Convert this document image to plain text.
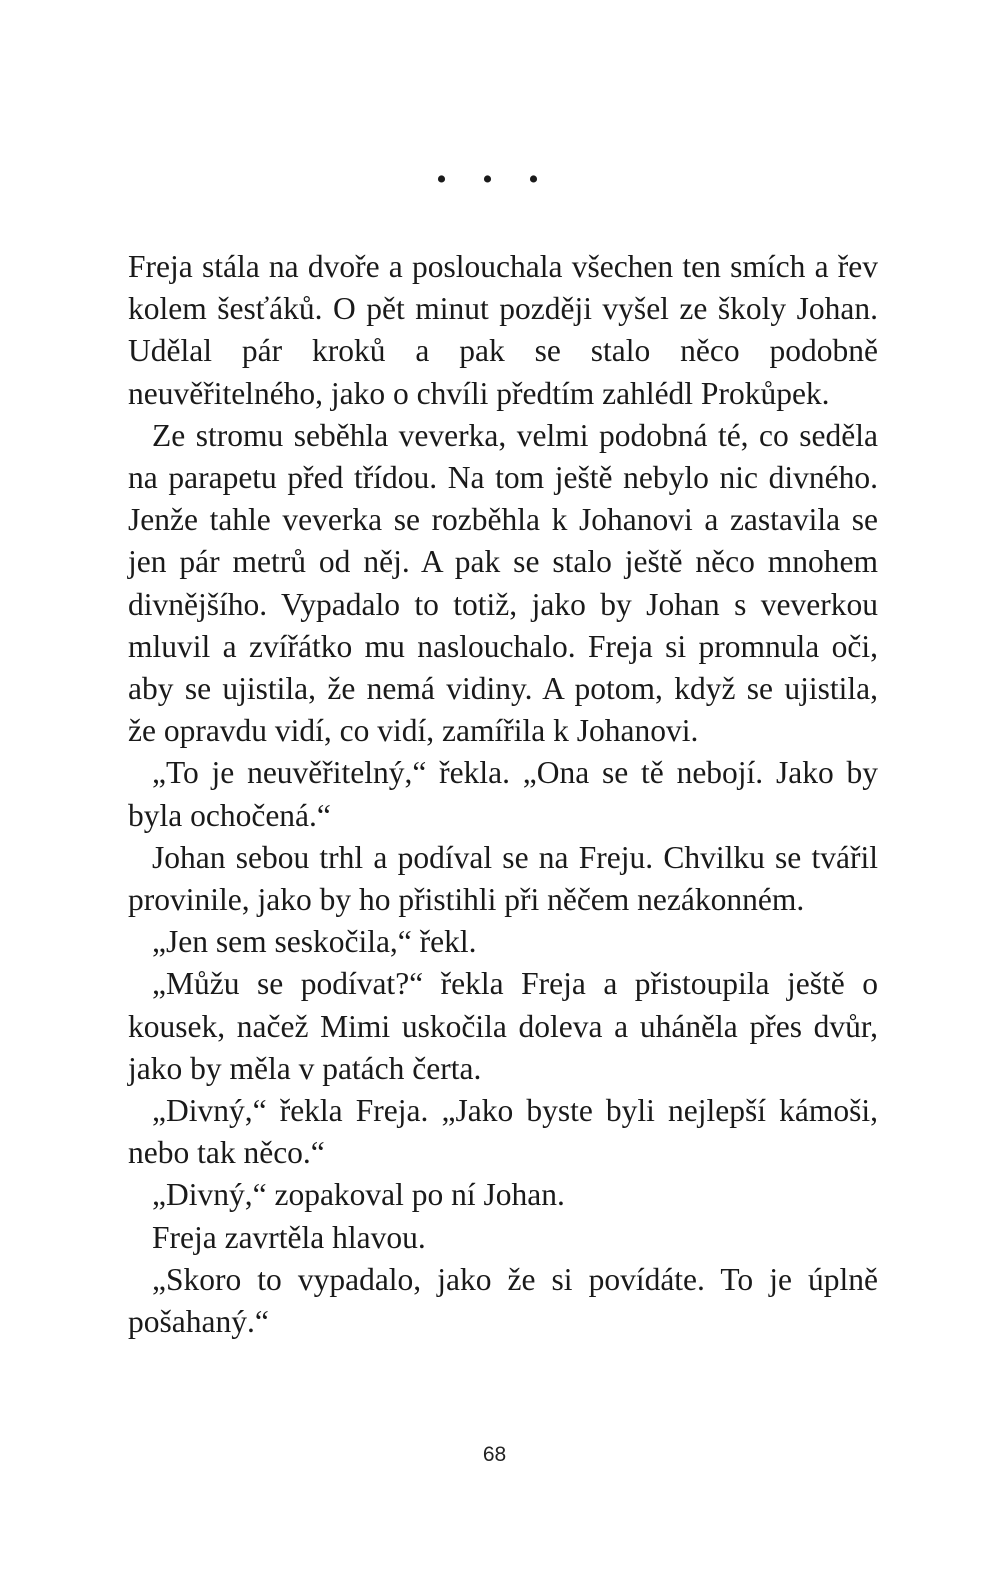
• • •

Freja stála na dvoře a poslouchala všechen ten smích a řev kolem šesťáků. O pět minut později vyšel ze školy Johan. Udělal pár kroků a pak se stalo něco podobně neuvěřitelného, jako o chvíli předtím zahlédl Prokůpek.

Ze stromu seběhla veverka, velmi podobná té, co seděla na parapetu před třídou. Na tom ještě nebylo nic divného. Jenže tahle veverka se rozběhla k Johanovi a zastavila se jen pár metrů od něj. A pak se stalo ještě něco mnohem divnějšího. Vypadalo to totiž, jako by Johan s veverkou mluvil a zvířátko mu naslouchalo. Freja si promnula oči, aby se ujistila, že nemá vidiny. A potom, když se ujistila, že opravdu vidí, co vidí, zamířila k Johanovi.

„To je neuvěřitelný,“ řekla. „Ona se tě nebojí. Jako by byla ochočená.“

Johan sebou trhl a podíval se na Freju. Chvilku se tvářil provinile, jako by ho přistihli při něčem nezákonném.

„Jen sem seskočila,“ řekl.

„Můžu se podívat?“ řekla Freja a přistoupila ještě o kousek, načež Mimi uskočila doleva a uháněla přes dvůr, jako by měla v patách čerta.

„Divný,“ řekla Freja. „Jako byste byli nejlepší kámoši, nebo tak něco.“

„Divný,“ zopakoval po ní Johan.

Freja zavrtěla hlavou.

„Skoro to vypadalo, jako že si povídáte. To je úplně pošahaný.“

68
